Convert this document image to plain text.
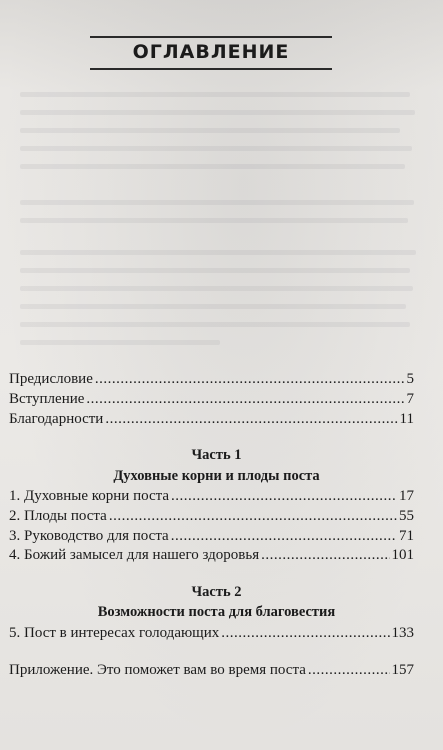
ОГЛАВЛЕНИЕ
Предисловие .....	5
Вступление .....	7
Благодарности .....	11
Часть 1
Духовные корни и плоды поста
1. Духовные корни поста .....	17
2. Плоды поста .....	55
3. Руководство для поста .....	71
4. Божий замысел для нашего здоровья .....	101
Часть 2
Возможности поста для благовестия
5. Пост в интересах голодающих .....	133
Приложение. Это поможет вам во время поста .....	157
